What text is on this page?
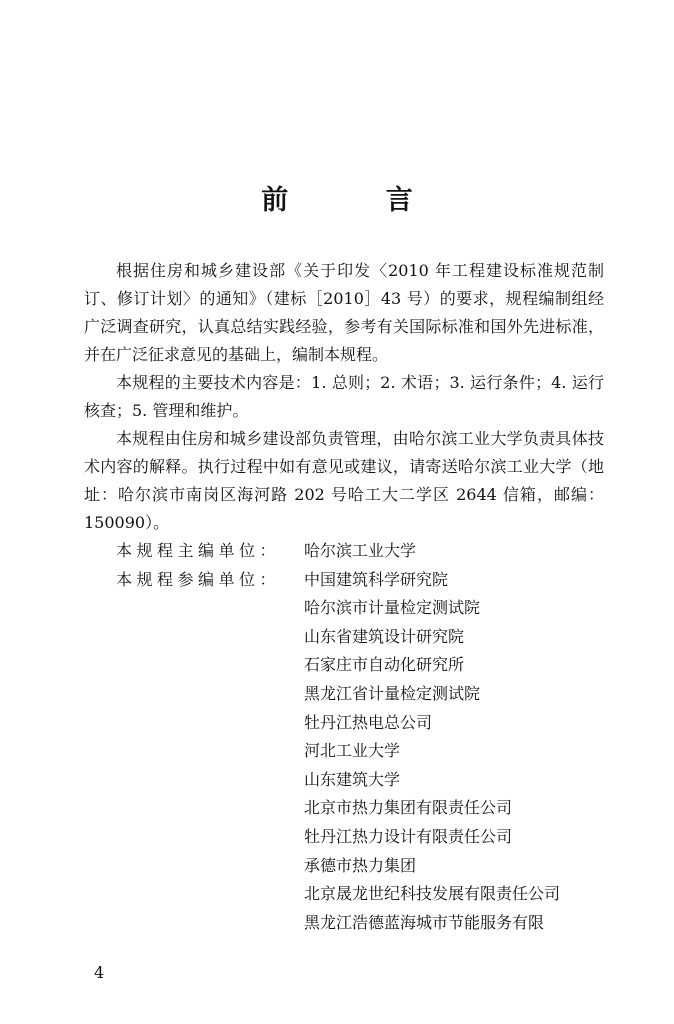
前 言

根据住房和城乡建设部《关于印发〈2010 年工程建设标准规范制订、修订计划〉的通知》（建标［2010］43 号）的要求，规程编制组经广泛调查研究，认真总结实践经验，参考有关国际标准和国外先进标准，并在广泛征求意见的基础上，编制本规程。

本规程的主要技术内容是：1. 总则；2. 术语；3. 运行条件；4. 运行核查；5. 管理和维护。

本规程由住房和城乡建设部负责管理，由哈尔滨工业大学负责具体技术内容的解释。执行过程中如有意见或建议，请寄送哈尔滨工业大学（地址：哈尔滨市南岗区海河路 202 号哈工大二学区 2644 信箱，邮编：150090）。

本规程主编单位：	哈尔滨工业大学
本规程参编单位：	中国建筑科学研究院
哈尔滨市计量检定测试院
山东省建筑设计研究院
石家庄市自动化研究所
黑龙江省计量检定测试院
牡丹江热电总公司
河北工业大学
山东建筑大学
北京市热力集团有限责任公司
牡丹江热力设计有限责任公司
承德市热力集团
北京晟龙世纪科技发展有限责任公司
黑龙江浩德蓝海城市节能服务有限
4
